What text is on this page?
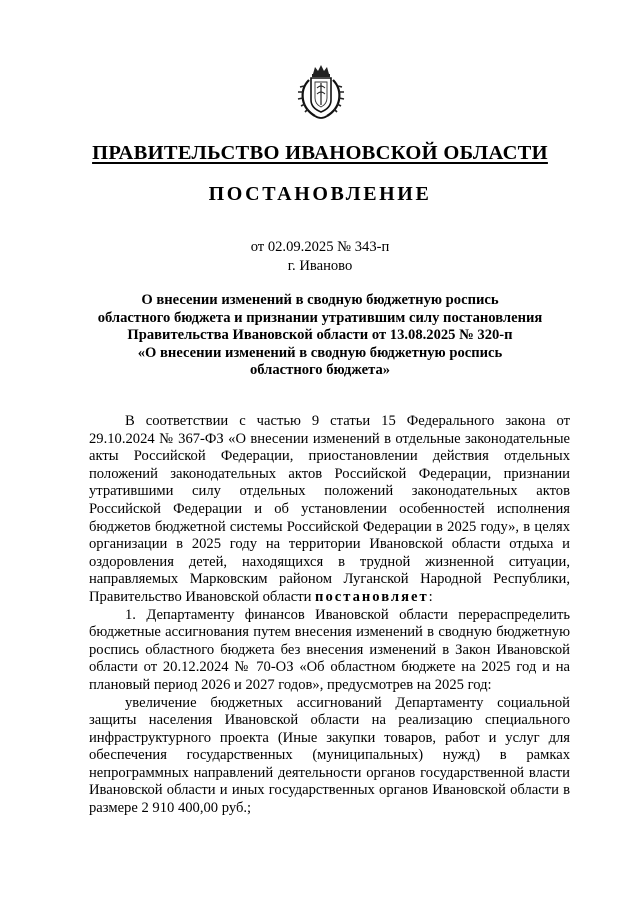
ПРАВИТЕЛЬСТВО ИВАНОВСКОЙ ОБЛАСТИ
ПОСТАНОВЛЕНИЕ
от 02.09.2025 № 343-п
г. Иваново
О внесении изменений в сводную бюджетную роспись
областного бюджета и признании утратившим силу постановления
Правительства Ивановской области от 13.08.2025 № 320-п
«О внесении изменений в сводную бюджетную роспись
областного бюджета»

В соответствии с частью 9 статьи 15 Федерального закона от 29.10.2024 № 367-ФЗ «О внесении изменений в отдельные законодательные акты Российской Федерации, приостановлении действия отдельных положений законодательных актов Российской Федерации, признании утратившими силу отдельных положений законодательных актов Российской Федерации и об установлении особенностей исполнения бюджетов бюджетной системы Российской Федерации в 2025 году», в целях организации в 2025 году на территории Ивановской области отдыха и оздоровления детей, находящихся в трудной жизненной ситуации, направляемых Марковским районом Луганской Народной Республики, Правительство Ивановской области постановляет:

1. Департаменту финансов Ивановской области перераспределить бюджетные ассигнования путем внесения изменений в сводную бюджетную роспись областного бюджета без внесения изменений в Закон Ивановской области от 20.12.2024 № 70-ОЗ «Об областном бюджете на 2025 год и на плановый период 2026 и 2027 годов», предусмотрев на 2025 год:

увеличение бюджетных ассигнований Департаменту социальной защиты населения Ивановской области на реализацию специального инфраструктурного проекта (Иные закупки товаров, работ и услуг для обеспечения государственных (муниципальных) нужд) в рамках непрограммных направлений деятельности органов государственной власти Ивановской области и иных государственных органов Ивановской области в размере 2 910 400,00 руб.;
